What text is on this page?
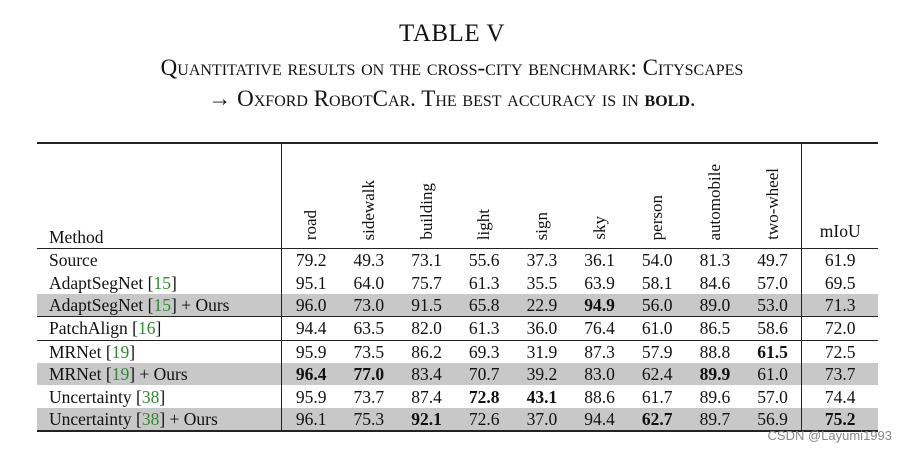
TABLE V
Quantitative results on the cross-city benchmark: Cityscapes
→ Oxford RobotCar. The best accuracy is in bold.
Method	road	sidewalk	building	light	sign	sky	person	automobile	two-wheel	mIoU
Source	79.2	49.3	73.1	55.6	37.3	36.1	54.0	81.3	49.7	61.9
AdaptSegNet [15]	95.1	64.0	75.7	61.3	35.5	63.9	58.1	84.6	57.0	69.5
AdaptSegNet [15] + Ours	96.0	73.0	91.5	65.8	22.9	94.9	56.0	89.0	53.0	71.3
PatchAlign [16]	94.4	63.5	82.0	61.3	36.0	76.4	61.0	86.5	58.6	72.0
MRNet [19]	95.9	73.5	86.2	69.3	31.9	87.3	57.9	88.8	61.5	72.5
MRNet [19] + Ours	96.4	77.0	83.4	70.7	39.2	83.0	62.4	89.9	61.0	73.7
Uncertainty [38]	95.9	73.7	87.4	72.8	43.1	88.6	61.7	89.6	57.0	74.4
Uncertainty [38] + Ours	96.1	75.3	92.1	72.6	37.0	94.4	62.7	89.7	56.9	75.2
CSDN @Layumi1993
